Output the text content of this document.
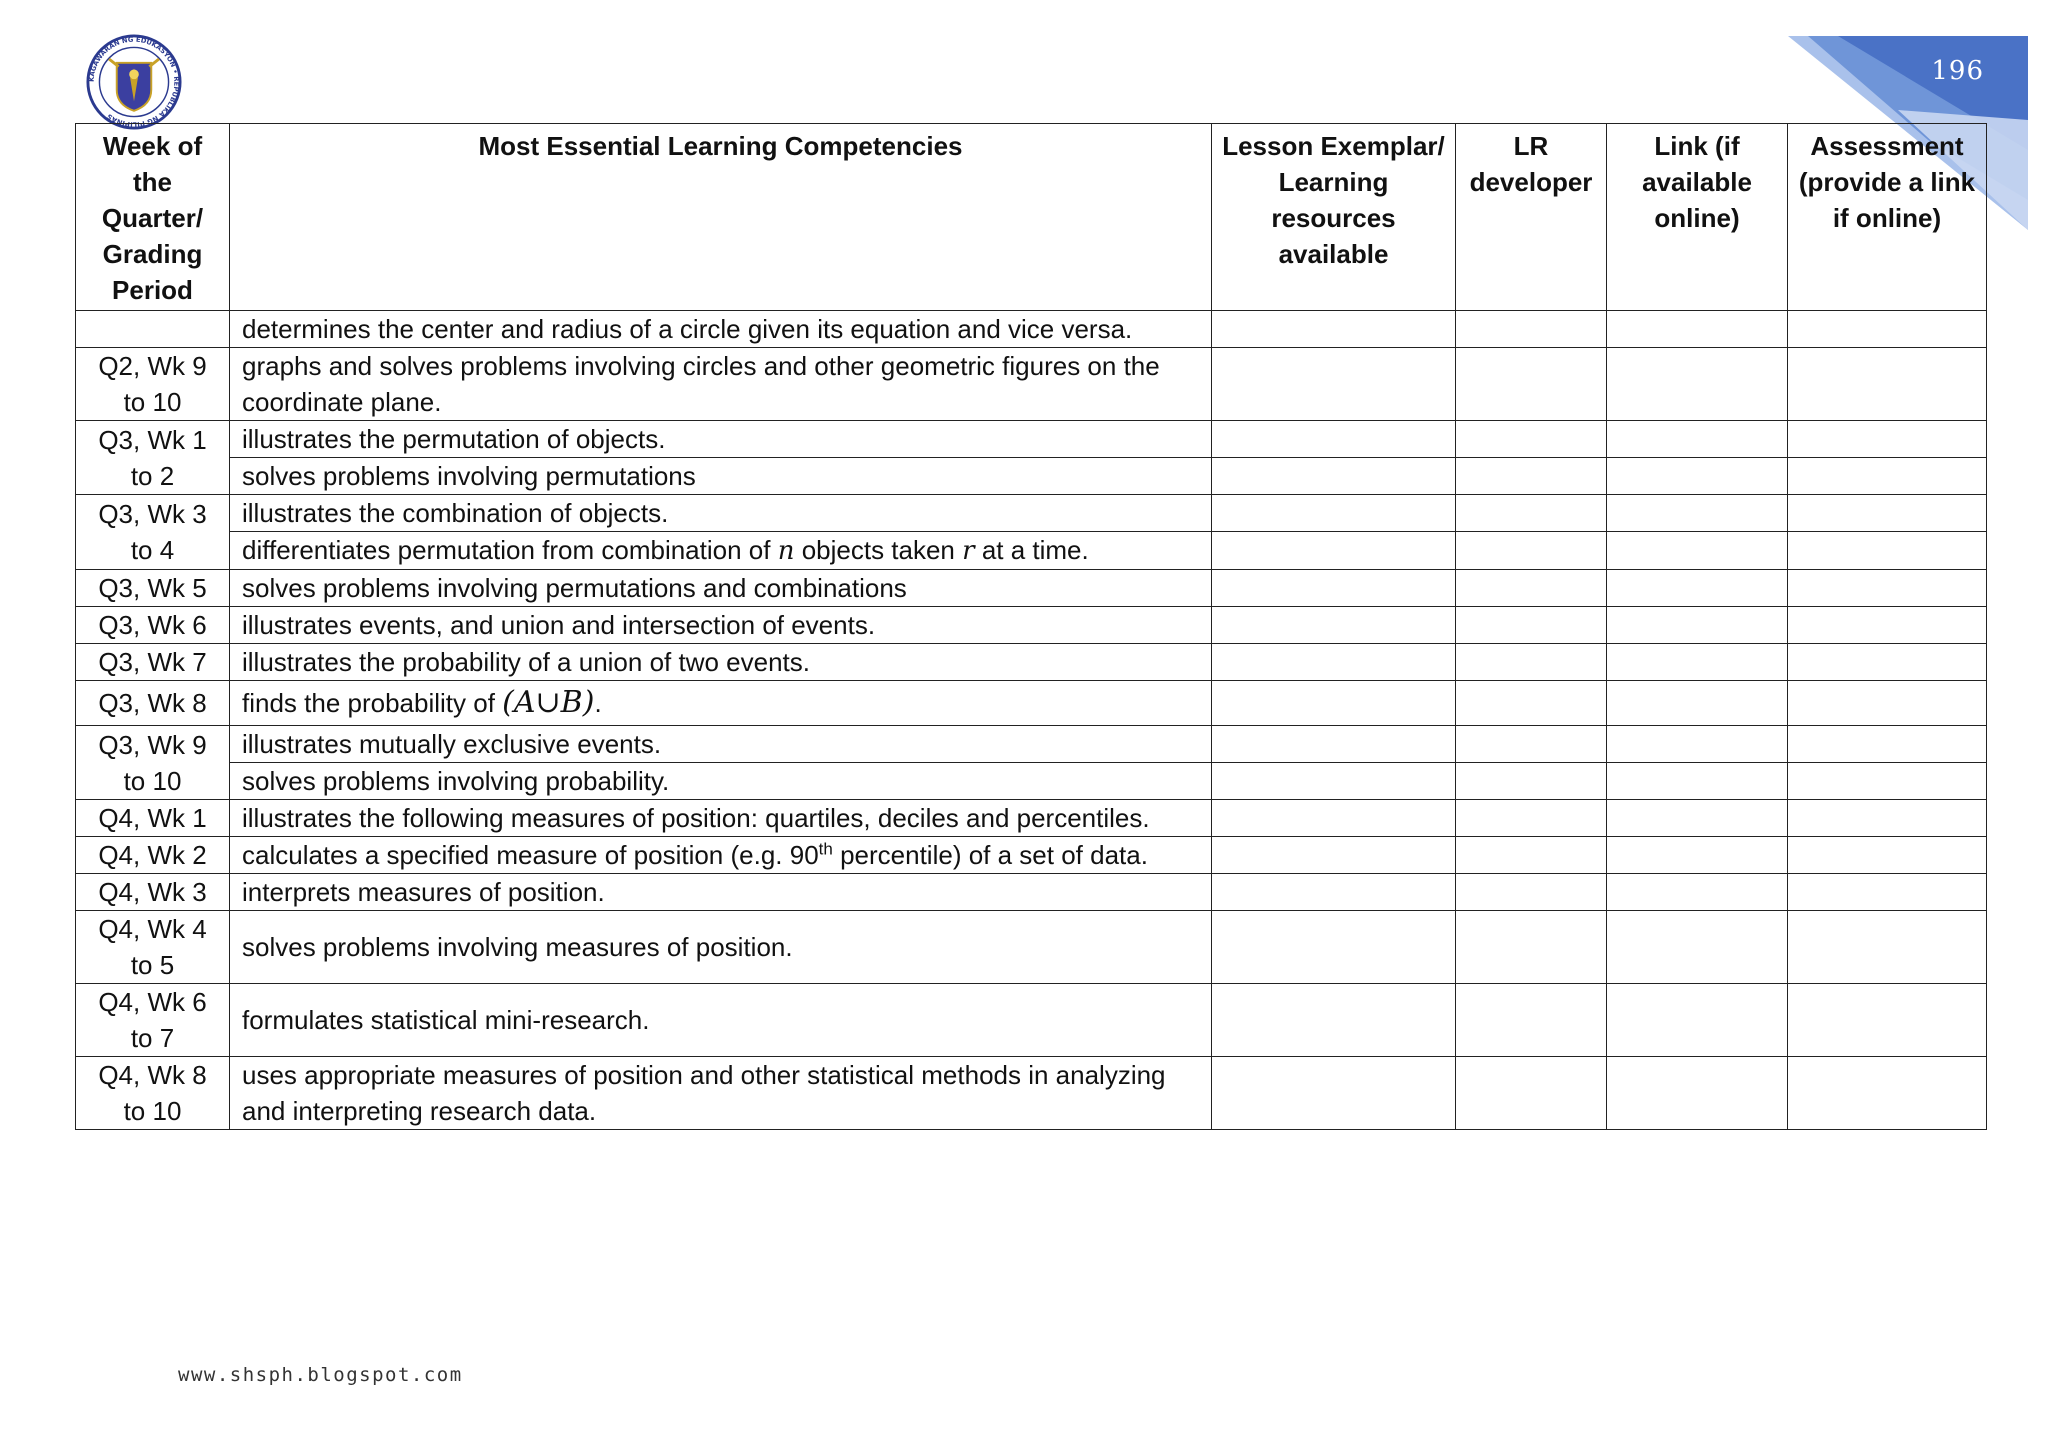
KAGAWARAN NG EDUKASYON • REPUBLIKA NG PILIPINAS
196
Week of the Quarter/ Grading Period	Most Essential Learning Competencies	Lesson Exemplar/ Learning resources available	LR developer	Link (if available online)	Assessment (provide a link if online)
	determines the center and radius of a circle given its equation and vice versa.				
Q2, Wk 9 to 10	graphs and solves problems involving circles and other geometric figures on the coordinate plane.				
Q3, Wk 1 to 2	illustrates the permutation of objects.				
	solves problems involving permutations				
Q3, Wk 3 to 4	illustrates the combination of objects.				
	differentiates permutation from combination of n objects taken r at a time.				
Q3, Wk 5	solves problems involving permutations and combinations				
Q3, Wk 6	illustrates events, and union and intersection of events.				
Q3, Wk 7	illustrates the probability of a union of two events.				
Q3, Wk 8	finds the probability of (A∪B).				
Q3, Wk 9 to 10	illustrates mutually exclusive events.				
	solves problems involving probability.				
Q4, Wk 1	illustrates the following measures of position: quartiles, deciles and percentiles.				
Q4, Wk 2	calculates a specified measure of position (e.g. 90th percentile) of a set of data.				
Q4, Wk 3	interprets measures of position.				
Q4, Wk 4 to 5	solves problems involving measures of position.				
Q4, Wk 6 to 7	formulates statistical mini-research.				
Q4, Wk 8 to 10	uses appropriate measures of position and other statistical methods in analyzing and interpreting research data.				
www.shsph.blogspot.com
